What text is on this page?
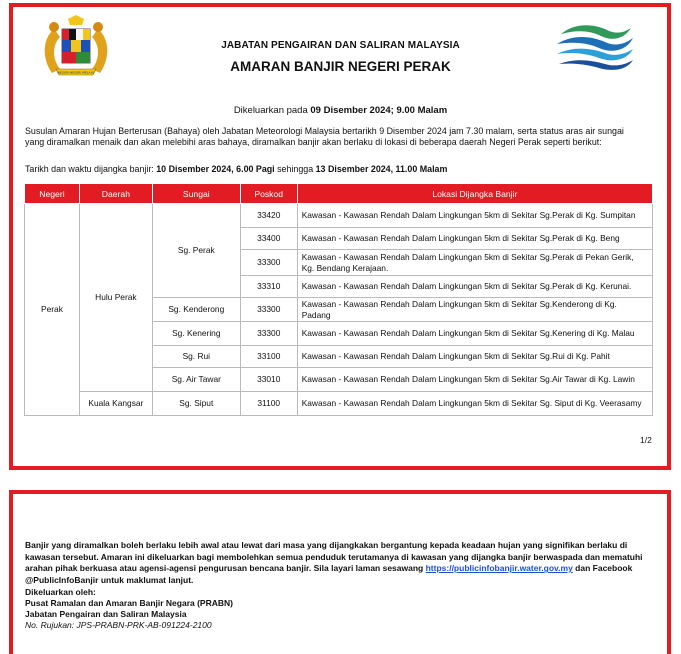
NEGERI-NEGERI MELAYU
JABATAN PENGAIRAN DAN SALIRAN MALAYSIA
AMARAN BANJIR NEGERI PERAK
Dikeluarkan pada 09 Disember 2024; 9.00 Malam
Susulan Amaran Hujan Berterusan (Bahaya) oleh Jabatan Meteorologi Malaysia bertarikh 9 Disember 2024 jam 7.30 malam, serta status aras air sungai yang diramalkan menaik dan akan melebihi aras bahaya, diramalkan banjir akan berlaku di lokasi di beberapa daerah Negeri Perak seperti berikut:
Tarikh dan waktu dijangka banjir: 10 Disember 2024, 6.00 Pagi sehingga 13 Disember 2024, 11.00 Malam
Negeri	Daerah	Sungai	Poskod	Lokasi Dijangka Banjir
Perak	Hulu Perak	Sg. Perak	33420	Kawasan - Kawasan Rendah Dalam Lingkungan 5km di Sekitar Sg.Perak di Kg. Sumpitan
			33400	Kawasan - Kawasan Rendah Dalam Lingkungan 5km di Sekitar Sg.Perak di Kg. Beng
			33300	Kawasan - Kawasan Rendah Dalam Lingkungan 5km di Sekitar Sg.Perak di Pekan Gerik, Kg. Bendang Kerajaan.
			33310	Kawasan - Kawasan Rendah Dalam Lingkungan 5km di Sekitar Sg.Perak di Kg. Kerunai.
		Sg. Kenderong	33300	Kawasan - Kawasan Rendah Dalam Lingkungan 5km di Sekitar Sg.Kenderong di Kg. Padang
		Sg. Kenering	33300	Kawasan - Kawasan Rendah Dalam Lingkungan 5km di Sekitar Sg.Kenering di Kg. Malau
		Sg. Rui	33100	Kawasan - Kawasan Rendah Dalam Lingkungan 5km di Sekitar Sg.Rui di Kg. Pahit
		Sg. Air Tawar	33010	Kawasan - Kawasan Rendah Dalam Lingkungan 5km di Sekitar Sg.Air Tawar di Kg. Lawin
	Kuala Kangsar	Sg. Siput	31100	Kawasan - Kawasan Rendah Dalam Lingkungan 5km di Sekitar Sg. Siput di Kg. Veerasamy
1/2
Banjir yang diramalkan boleh berlaku lebih awal atau lewat dari masa yang dijangkakan bergantung kepada keadaan hujan yang signifikan berlaku di kawasan tersebut. Amaran ini dikeluarkan bagi membolehkan semua penduduk terutamanya di kawasan yang dijangka banjir berwaspada dan mematuhi arahan pihak berkuasa atau agensi-agensi pengurusan bencana banjir. Sila layari laman sesawang https://publicinfobanjir.water.gov.my dan Facebook @PublicInfoBanjir untuk maklumat lanjut.
Dikeluarkan oleh:
Pusat Ramalan dan Amaran Banjir Negara (PRABN)
Jabatan Pengairan dan Saliran Malaysia
No. Rujukan: JPS-PRABN-PRK-AB-091224-2100
